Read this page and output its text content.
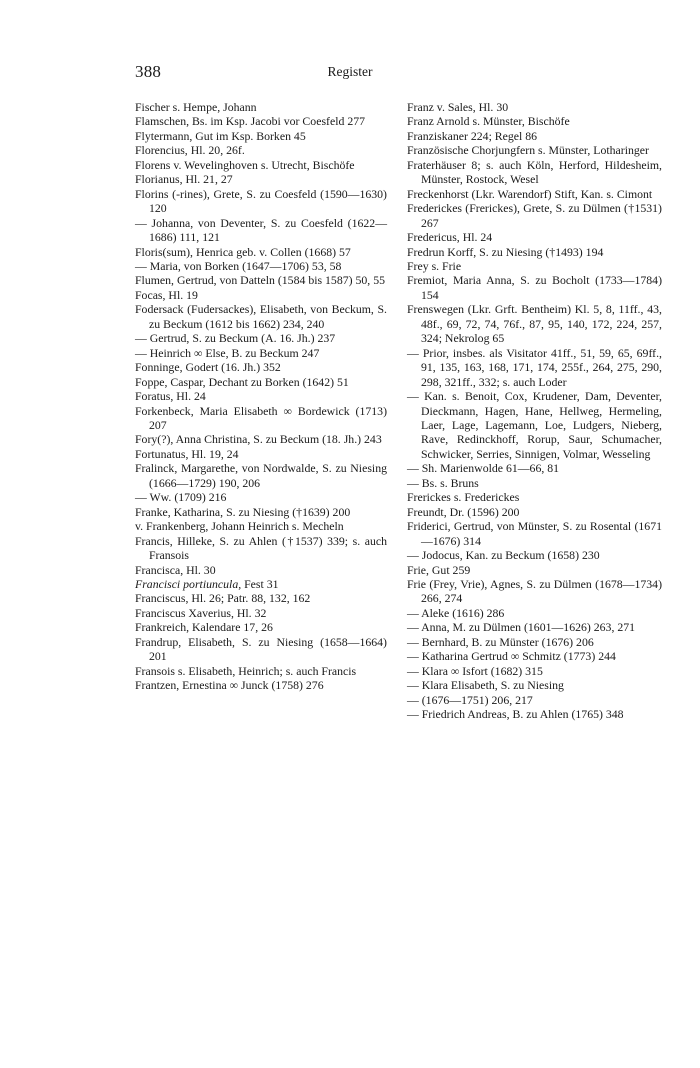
388	Register

Fischer s. Hempe, Johann

Flamschen, Bs. im Ksp. Jacobi vor Coesfeld 277

Flytermann, Gut im Ksp. Borken 45

Florencius, Hl. 20, 26f.

Florens v. Wevelinghoven s. Utrecht, Bischöfe

Florianus, Hl. 21, 27

Florins (-rines), Grete, S. zu Coesfeld (1590—1630) 120

— Johanna, von Deventer, S. zu Coesfeld (1622—1686) 111, 121

Floris(sum), Henrica geb. v. Collen (1668) 57

— Maria, von Borken (1647—1706) 53, 58

Flumen, Gertrud, von Datteln (1584 bis 1587) 50, 55

Focas, Hl. 19

Fodersack (Fudersackes), Elisabeth, von Beckum, S. zu Beckum (1612 bis 1662) 234, 240

— Gertrud, S. zu Beckum (A. 16. Jh.) 237

— Heinrich ∞ Else, B. zu Beckum 247

Fonninge, Godert (16. Jh.) 352

Foppe, Caspar, Dechant zu Borken (1642) 51

Foratus, Hl. 24

Forkenbeck, Maria Elisabeth ∞ Bordewick (1713) 207

Fory(?), Anna Christina, S. zu Beckum (18. Jh.) 243

Fortunatus, Hl. 19, 24

Fralinck, Margarethe, von Nordwalde, S. zu Niesing (1666—1729) 190, 206

— Ww. (1709) 216

Franke, Katharina, S. zu Niesing (†1639) 200

v. Frankenberg, Johann Heinrich s. Mecheln

Francis, Hilleke, S. zu Ahlen (†1537) 339; s. auch Fransois

Francisca, Hl. 30

Francisci portiuncula, Fest 31

Franciscus, Hl. 26; Patr. 88, 132, 162

Franciscus Xaverius, Hl. 32

Frankreich, Kalendare 17, 26

Frandrup, Elisabeth, S. zu Niesing (1658—1664) 201

Fransois s. Elisabeth, Heinrich; s. auch Francis

Frantzen, Ernestina ∞ Junck (1758) 276

Franz v. Sales, Hl. 30

Franz Arnold s. Münster, Bischöfe

Franziskaner 224; Regel 86

Französische Chorjungfern s. Münster, Lotharinger

Fraterhäuser 8; s. auch Köln, Herford, Hildesheim, Münster, Rostock, Wesel

Freckenhorst (Lkr. Warendorf) Stift, Kan. s. Cimont

Frederickes (Frerickes), Grete, S. zu Dülmen (†1531) 267

Fredericus, Hl. 24

Fredrun Korff, S. zu Niesing (†1493) 194

Frey s. Frie

Fremiot, Maria Anna, S. zu Bocholt (1733—1784) 154

Frenswegen (Lkr. Grft. Bentheim) Kl. 5, 8, 11ff., 43, 48f., 69, 72, 74, 76f., 87, 95, 140, 172, 224, 257, 324; Nekrolog 65

— Prior, insbes. als Visitator 41ff., 51, 59, 65, 69ff., 91, 135, 163, 168, 171, 174, 255f., 264, 275, 290, 298, 321ff., 332; s. auch Loder

— Kan. s. Benoit, Cox, Krudener, Dam, Deventer, Dieckmann, Hagen, Hane, Hellweg, Hermeling, Laer, Lage, Lagemann, Loe, Ludgers, Nieberg, Rave, Redinckhoff, Rorup, Saur, Schumacher, Schwicker, Serries, Sinnigen, Volmar, Wesseling

— Sh. Marienwolde 61—66, 81

— Bs. s. Bruns

Frerickes s. Frederickes

Freundt, Dr. (1596) 200

Friderici, Gertrud, von Münster, S. zu Rosental (1671—1676) 314

— Jodocus, Kan. zu Beckum (1658) 230

Frie, Gut 259

Frie (Frey, Vrie), Agnes, S. zu Dülmen (1678—1734) 266, 274

— Aleke (1616) 286

— Anna, M. zu Dülmen (1601—1626) 263, 271

— Bernhard, B. zu Münster (1676) 206

— Katharina Gertrud ∞ Schmitz (1773) 244

— Klara ∞ Isfort (1682) 315

— Klara Elisabeth, S. zu Niesing

— (1676—1751) 206, 217

— Friedrich Andreas, B. zu Ahlen (1765) 348
